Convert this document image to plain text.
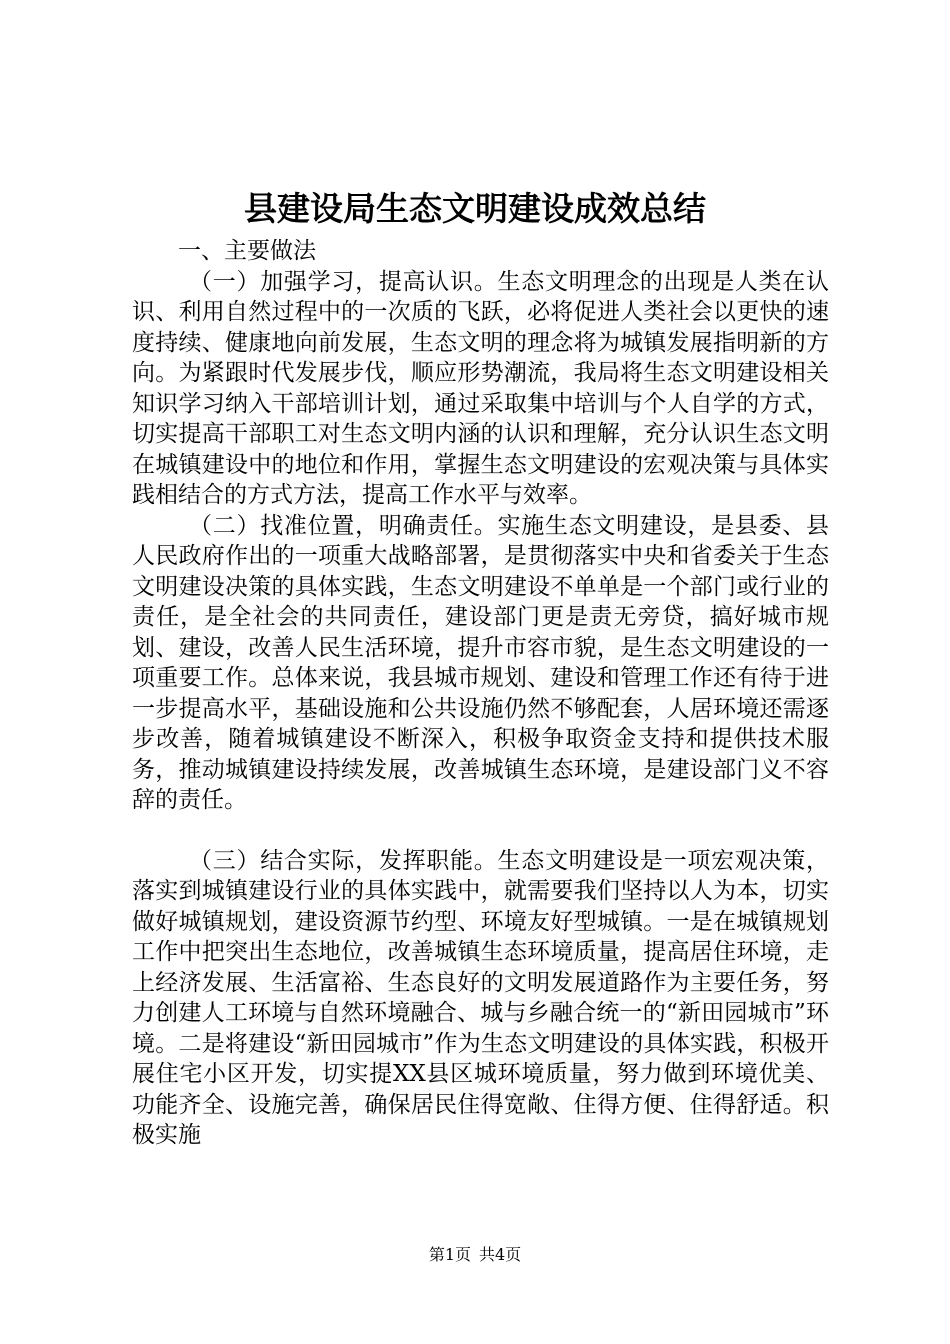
县建设局生态文明建设成效总结

一、主要做法

（一）加强学习，提高认识。生态文明理念的出现是人类在认识、利用自然过程中的一次质的飞跃，必将促进人类社会以更快的速度持续、健康地向前发展，生态文明的理念将为城镇发展指明新的方向。为紧跟时代发展步伐，顺应形势潮流，我局将生态文明建设相关知识学习纳入干部培训计划，通过采取集中培训与个人自学的方式，切实提高干部职工对生态文明内涵的认识和理解，充分认识生态文明在城镇建设中的地位和作用，掌握生态文明建设的宏观决策与具体实践相结合的方式方法，提高工作水平与效率。

（二）找准位置，明确责任。实施生态文明建设，是县委、县人民政府作出的一项重大战略部署，是贯彻落实中央和省委关于生态文明建设决策的具体实践，生态文明建设不单单是一个部门或行业的责任，是全社会的共同责任，建设部门更是责无旁贷，搞好城市规划、建设，改善人民生活环境，提升市容市貌，是生态文明建设的一项重要工作。总体来说，我县城市规划、建设和管理工作还有待于进一步提高水平，基础设施和公共设施仍然不够配套，人居环境还需逐步改善，随着城镇建设不断深入，积极争取资金支持和提供技术服务，推动城镇建设持续发展，改善城镇生态环境，是建设部门义不容辞的责任。

（三）结合实际，发挥职能。生态文明建设是一项宏观决策，落实到城镇建设行业的具体实践中，就需要我们坚持以人为本，切实做好城镇规划，建设资源节约型、环境友好型城镇。一是在城镇规划工作中把突出生态地位，改善城镇生态环境质量，提高居住环境，走上经济发展、生活富裕、生态良好的文明发展道路作为主要任务，努力创建人工环境与自然环境融合、城与乡融合统一的“新田园城市”环境。二是将建设“新田园城市”作为生态文明建设的具体实践，积极开展住宅小区开发，切实提XX县区城环境质量，努力做到环境优美、功能齐全、设施完善，确保居民住得宽敞、住得方便、住得舒适。积极实施

第1页 共4页
